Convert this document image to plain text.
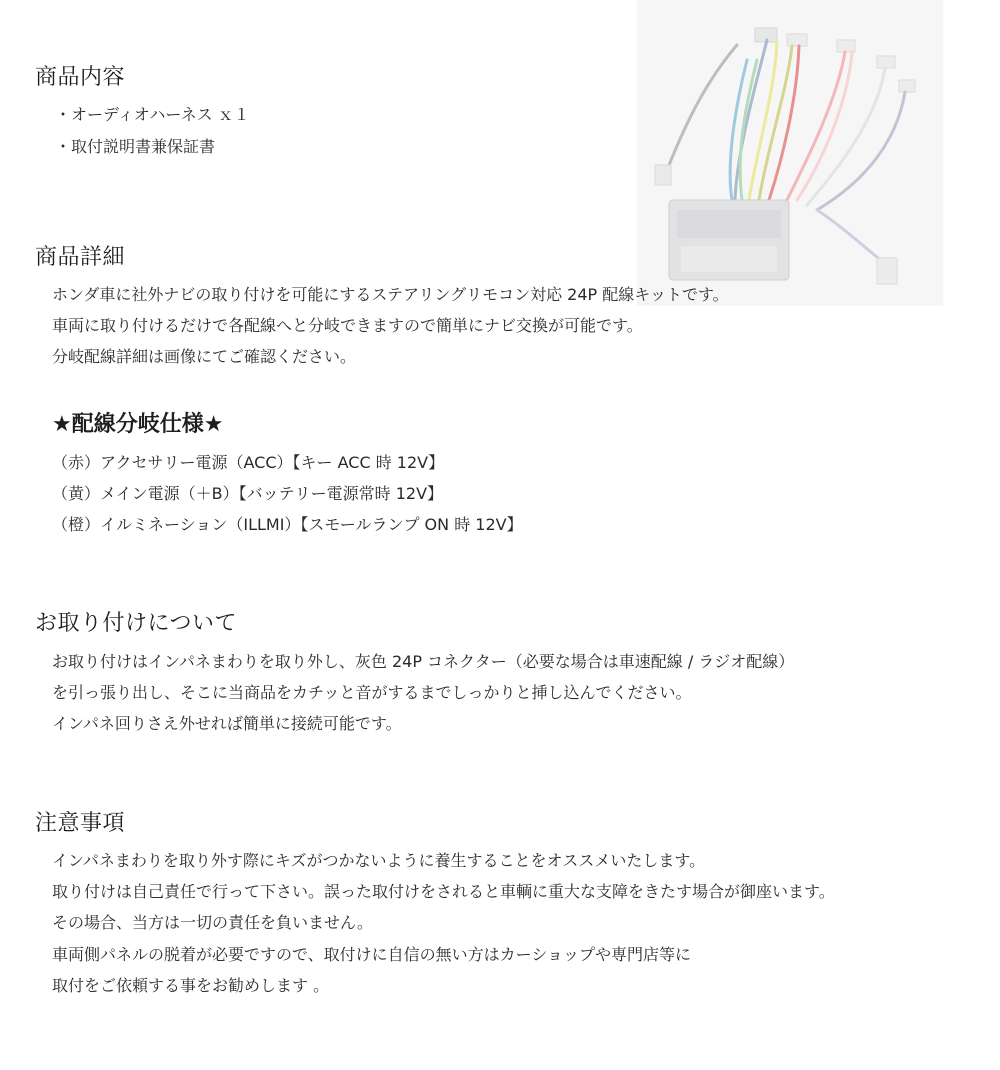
商品内容
・オーディオハーネス ｘ１
・取付説明書兼保証書
商品詳細
ホンダ車に社外ナビの取り付けを可能にするステアリングリモコン対応 24P 配線キットです。
車両に取り付けるだけで各配線へと分岐できますので簡単にナビ交換が可能です。
分岐配線詳細は画像にてご確認ください。
★配線分岐仕様★
（赤）アクセサリー電源（ACC）【キー ACC 時 12V】
（黄）メイン電源（＋B）【バッテリー電源常時 12V】
（橙）イルミネーション（ILLMI）【スモールランプ ON 時 12V】
お取り付けについて
お取り付けはインパネまわりを取り外し、灰色 24P コネクター（必要な場合は車速配線 / ラジオ配線）
を引っ張り出し、そこに当商品をカチッと音がするまでしっかりと挿し込んでください。
インパネ回りさえ外せれば簡単に接続可能です。
注意事項
インパネまわりを取り外す際にキズがつかないように養生することをオススメいたします。
取り付けは自己責任で行って下さい。誤った取付けをされると車輌に重大な支障をきたす場合が御座います。
その場合、当方は一切の責任を負いません。
車両側パネルの脱着が必要ですので、取付けに自信の無い方はカーショップや専門店等に
取付をご依頼する事をお勧めします 。
